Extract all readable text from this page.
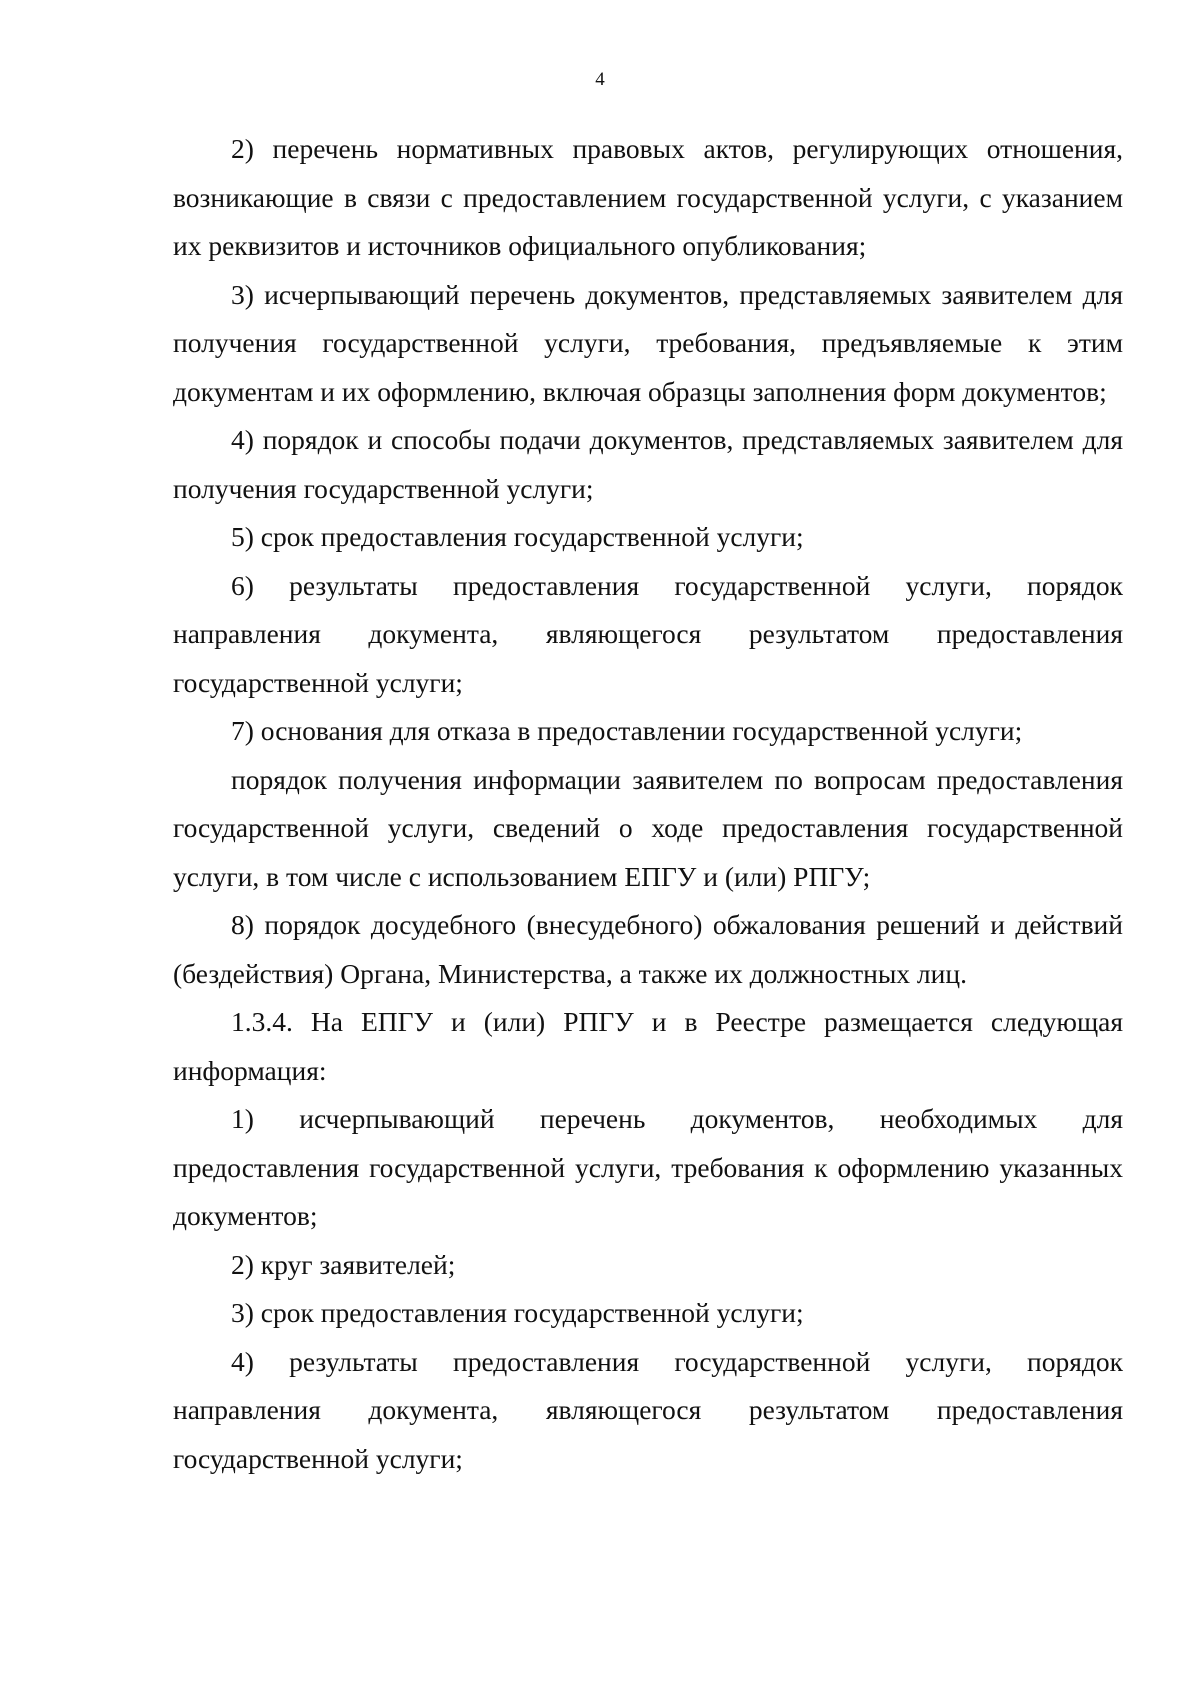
4

2) перечень нормативных правовых актов, регулирующих отношения, возникающие в связи с предоставлением государственной услуги, с указанием их реквизитов и источников официального опубликования;

3) исчерпывающий перечень документов, представляемых заявителем для получения государственной услуги, требования, предъявляемые к этим документам и их оформлению, включая образцы заполнения форм документов;

4) порядок и способы подачи документов, представляемых заявителем для получения государственной услуги;

5) срок предоставления государственной услуги;

6) результаты предоставления государственной услуги, порядок направления документа, являющегося результатом предоставления государственной услуги;

7) основания для отказа в предоставлении государственной услуги;

порядок получения информации заявителем по вопросам предоставления государственной услуги, сведений о ходе предоставления государственной услуги, в том числе с использованием ЕПГУ и (или) РПГУ;

8) порядок досудебного (внесудебного) обжалования решений и действий (бездействия) Органа, Министерства, а также их должностных лиц.

1.3.4. На ЕПГУ и (или) РПГУ и в Реестре размещается следующая информация:

1) исчерпывающий перечень документов, необходимых для предоставления государственной услуги, требования к оформлению указанных документов;

2) круг заявителей;

3) срок предоставления государственной услуги;

4) результаты предоставления государственной услуги, порядок направления документа, являющегося результатом предоставления государственной услуги;
